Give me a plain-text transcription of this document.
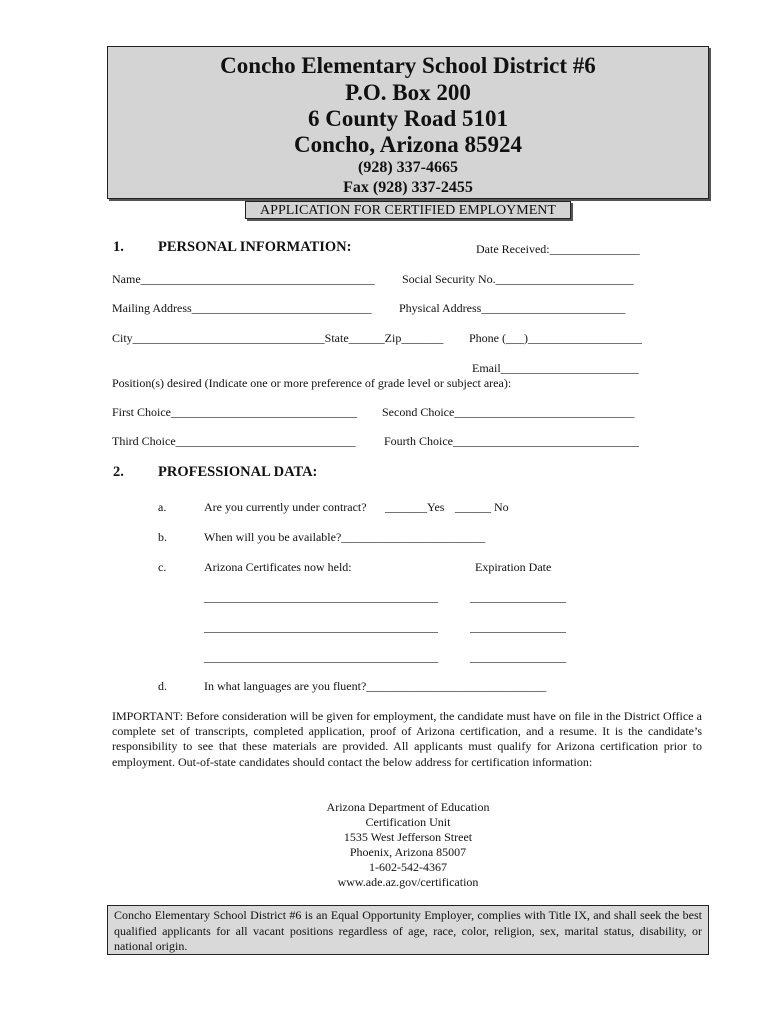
Concho Elementary School District #6
P.O. Box 200
6 County Road 5101
Concho, Arizona 85924
(928) 337-4665
Fax (928) 337-2455
APPLICATION FOR CERTIFIED EMPLOYMENT
1. PERSONAL INFORMATION:	Date Received:_______________
Name_______________________________________ Social Security No._______________________
Mailing Address______________________________ Physical Address________________________
City________________________________State______Zip_______ Phone (___)___________________
Email_______________________
Position(s) desired (Indicate one or more preference of grade level or subject area):
First Choice_______________________________ Second Choice______________________________
Third Choice______________________________ Fourth Choice_______________________________
2. PROFESSIONAL DATA:
a.	Are you currently under contract? _______Yes ______ No
b.	When will you be available?________________________
c.	Arizona Certificates now held:	Expiration Date
_______________________________________	________________
_______________________________________	________________
_______________________________________	________________
d.	In what languages are you fluent?______________________________
IMPORTANT: Before consideration will be given for employment, the candidate must have on file in the District Office a complete set of transcripts, completed application, proof of Arizona certification, and a resume. It is the candidate’s responsibility to see that these materials are provided. All applicants must qualify for Arizona certification prior to employment. Out-of-state candidates should contact the below address for certification information:
Arizona Department of Education
Certification Unit
1535 West Jefferson Street
Phoenix, Arizona 85007
1-602-542-4367
www.ade.az.gov/certification
Concho Elementary School District #6 is an Equal Opportunity Employer, complies with Title IX, and shall seek the best qualified applicants for all vacant positions regardless of age, race, color, religion, sex, marital status, disability, or national origin.
